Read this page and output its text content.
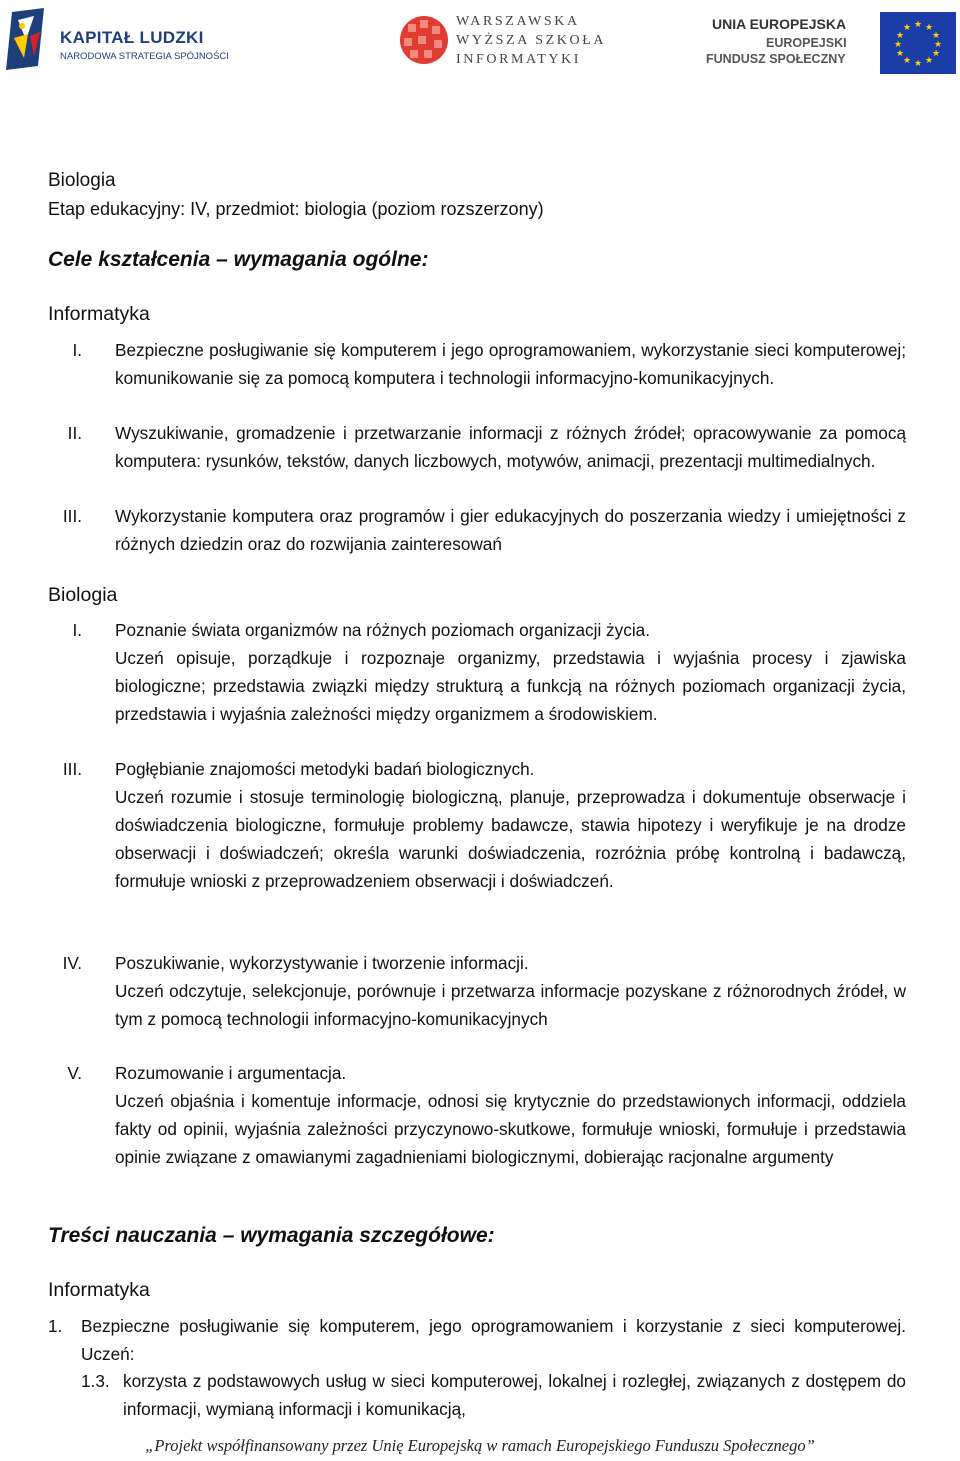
KAPITAŁ LUDZKI
NARODOWA STRATEGIA SPÓJNOŚCI
WARSZAWSKA
WYŻSZA SZKOŁA
INFORMATYKI
UNIA EUROPEJSKA
EUROPEJSKI
FUNDUSZ SPOŁECZNY
★ ★
★
★
★
★
★
★
★
★
★
★
Biologia
Etap edukacyjny: IV, przedmiot: biologia (poziom rozszerzony)
Cele kształcenia – wymagania ogólne:
Informatyka
I. Bezpieczne posługiwanie się komputerem i jego oprogramowaniem, wykorzystanie sieci komputerowej; komunikowanie się za pomocą komputera i technologii informacyjno-komunikacyjnych.
II. Wyszukiwanie, gromadzenie i przetwarzanie informacji z różnych źródeł; opracowywanie za pomocą komputera: rysunków, tekstów, danych liczbowych, motywów, animacji, prezentacji multimedialnych.
III. Wykorzystanie komputera oraz programów i gier edukacyjnych do poszerzania wiedzy i umiejętności z różnych dziedzin oraz do rozwijania zainteresowań
Biologia
I. Poznanie świata organizmów na różnych poziomach organizacji życia.
Uczeń opisuje, porządkuje i rozpoznaje organizmy, przedstawia i wyjaśnia procesy i zjawiska biologiczne; przedstawia związki między strukturą a funkcją na różnych poziomach organizacji życia, przedstawia i wyjaśnia zależności między organizmem a środowiskiem.
III. Pogłębianie znajomości metodyki badań biologicznych.
Uczeń rozumie i stosuje terminologię biologiczną, planuje, przeprowadza i dokumentuje obserwacje i doświadczenia biologiczne, formułuje problemy badawcze, stawia hipotezy i weryfikuje je na drodze obserwacji i doświadczeń; określa warunki doświadczenia, rozróżnia próbę kontrolną i badawczą, formułuje wnioski z przeprowadzeniem obserwacji i doświadczeń.
IV. Poszukiwanie, wykorzystywanie i tworzenie informacji.
Uczeń odczytuje, selekcjonuje, porównuje i przetwarza informacje pozyskane z różnorodnych źródeł, w tym z pomocą technologii informacyjno-komunikacyjnych
V. Rozumowanie i argumentacja.
Uczeń objaśnia i komentuje informacje, odnosi się krytycznie do przedstawionych informacji, oddziela fakty od opinii, wyjaśnia zależności przyczynowo-skutkowe, formułuje wnioski, formułuje i przedstawia opinie związane z omawianymi zagadnieniami biologicznymi, dobierając racjonalne argumenty
Treści nauczania – wymagania szczegółowe:
Informatyka
1. Bezpieczne posługiwanie się komputerem, jego oprogramowaniem i korzystanie z sieci komputerowej. Uczeń:
1.3. korzysta z podstawowych usług w sieci komputerowej, lokalnej i rozległej, związanych z dostępem do informacji, wymianą informacji i komunikacją,
„Projekt współfinansowany przez Unię Europejską w ramach Europejskiego Funduszu Społecznego”
